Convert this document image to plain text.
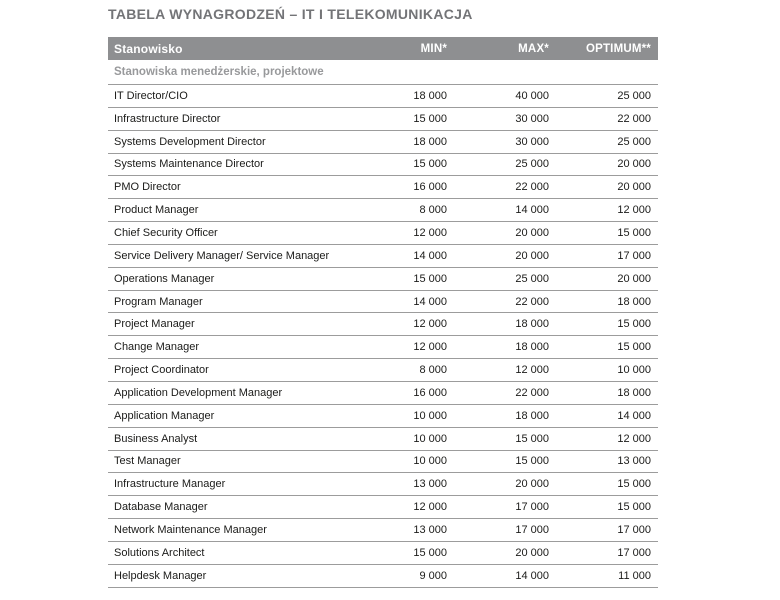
TABELA WYNAGRODZEŃ – IT I TELEKOMUNIKACJA
Stanowisko	MIN*	MAX*	OPTIMUM**
Stanowiska menedżerskie, projektowe
IT Director/CIO	18 000	40 000	25 000
Infrastructure Director	15 000	30 000	22 000
Systems Development Director	18 000	30 000	25 000
Systems Maintenance Director	15 000	25 000	20 000
PMO Director	16 000	22 000	20 000
Product Manager	8 000	14 000	12 000
Chief Security Officer	12 000	20 000	15 000
Service Delivery Manager/ Service Manager	14 000	20 000	17 000
Operations Manager	15 000	25 000	20 000
Program Manager	14 000	22 000	18 000
Project Manager	12 000	18 000	15 000
Change Manager	12 000	18 000	15 000
Project Coordinator	8 000	12 000	10 000
Application Development Manager	16 000	22 000	18 000
Application Manager	10 000	18 000	14 000
Business Analyst	10 000	15 000	12 000
Test Manager	10 000	15 000	13 000
Infrastructure Manager	13 000	20 000	15 000
Database Manager	12 000	17 000	15 000
Network Maintenance Manager	13 000	17 000	17 000
Solutions Architect	15 000	20 000	17 000
Helpdesk Manager	9 000	14 000	11 000
